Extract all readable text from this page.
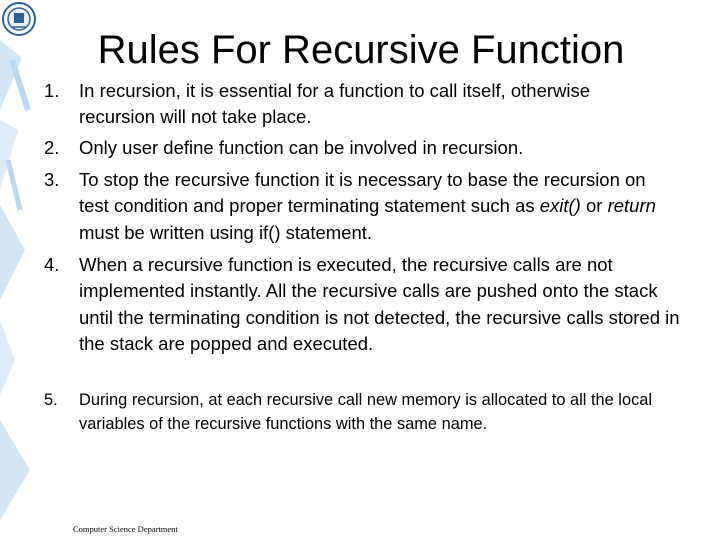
Rules For Recursive Function
1.	In recursion, it is essential for a function to call itself, otherwise recursion will not take place.
2.	Only user define function can be involved in recursion.
3.	To stop the recursive function it is necessary to base the recursion on test condition and proper terminating statement such as exit() or return must be written using if() statement.
4.	When a recursive function is executed, the recursive calls are not implemented instantly. All the recursive calls are pushed onto the stack until the terminating condition is not detected, the recursive calls stored in the stack are popped and executed.
5.	During recursion, at each recursive call new memory is allocated to all the local variables of the recursive functions with the same name.
Computer Science Department
